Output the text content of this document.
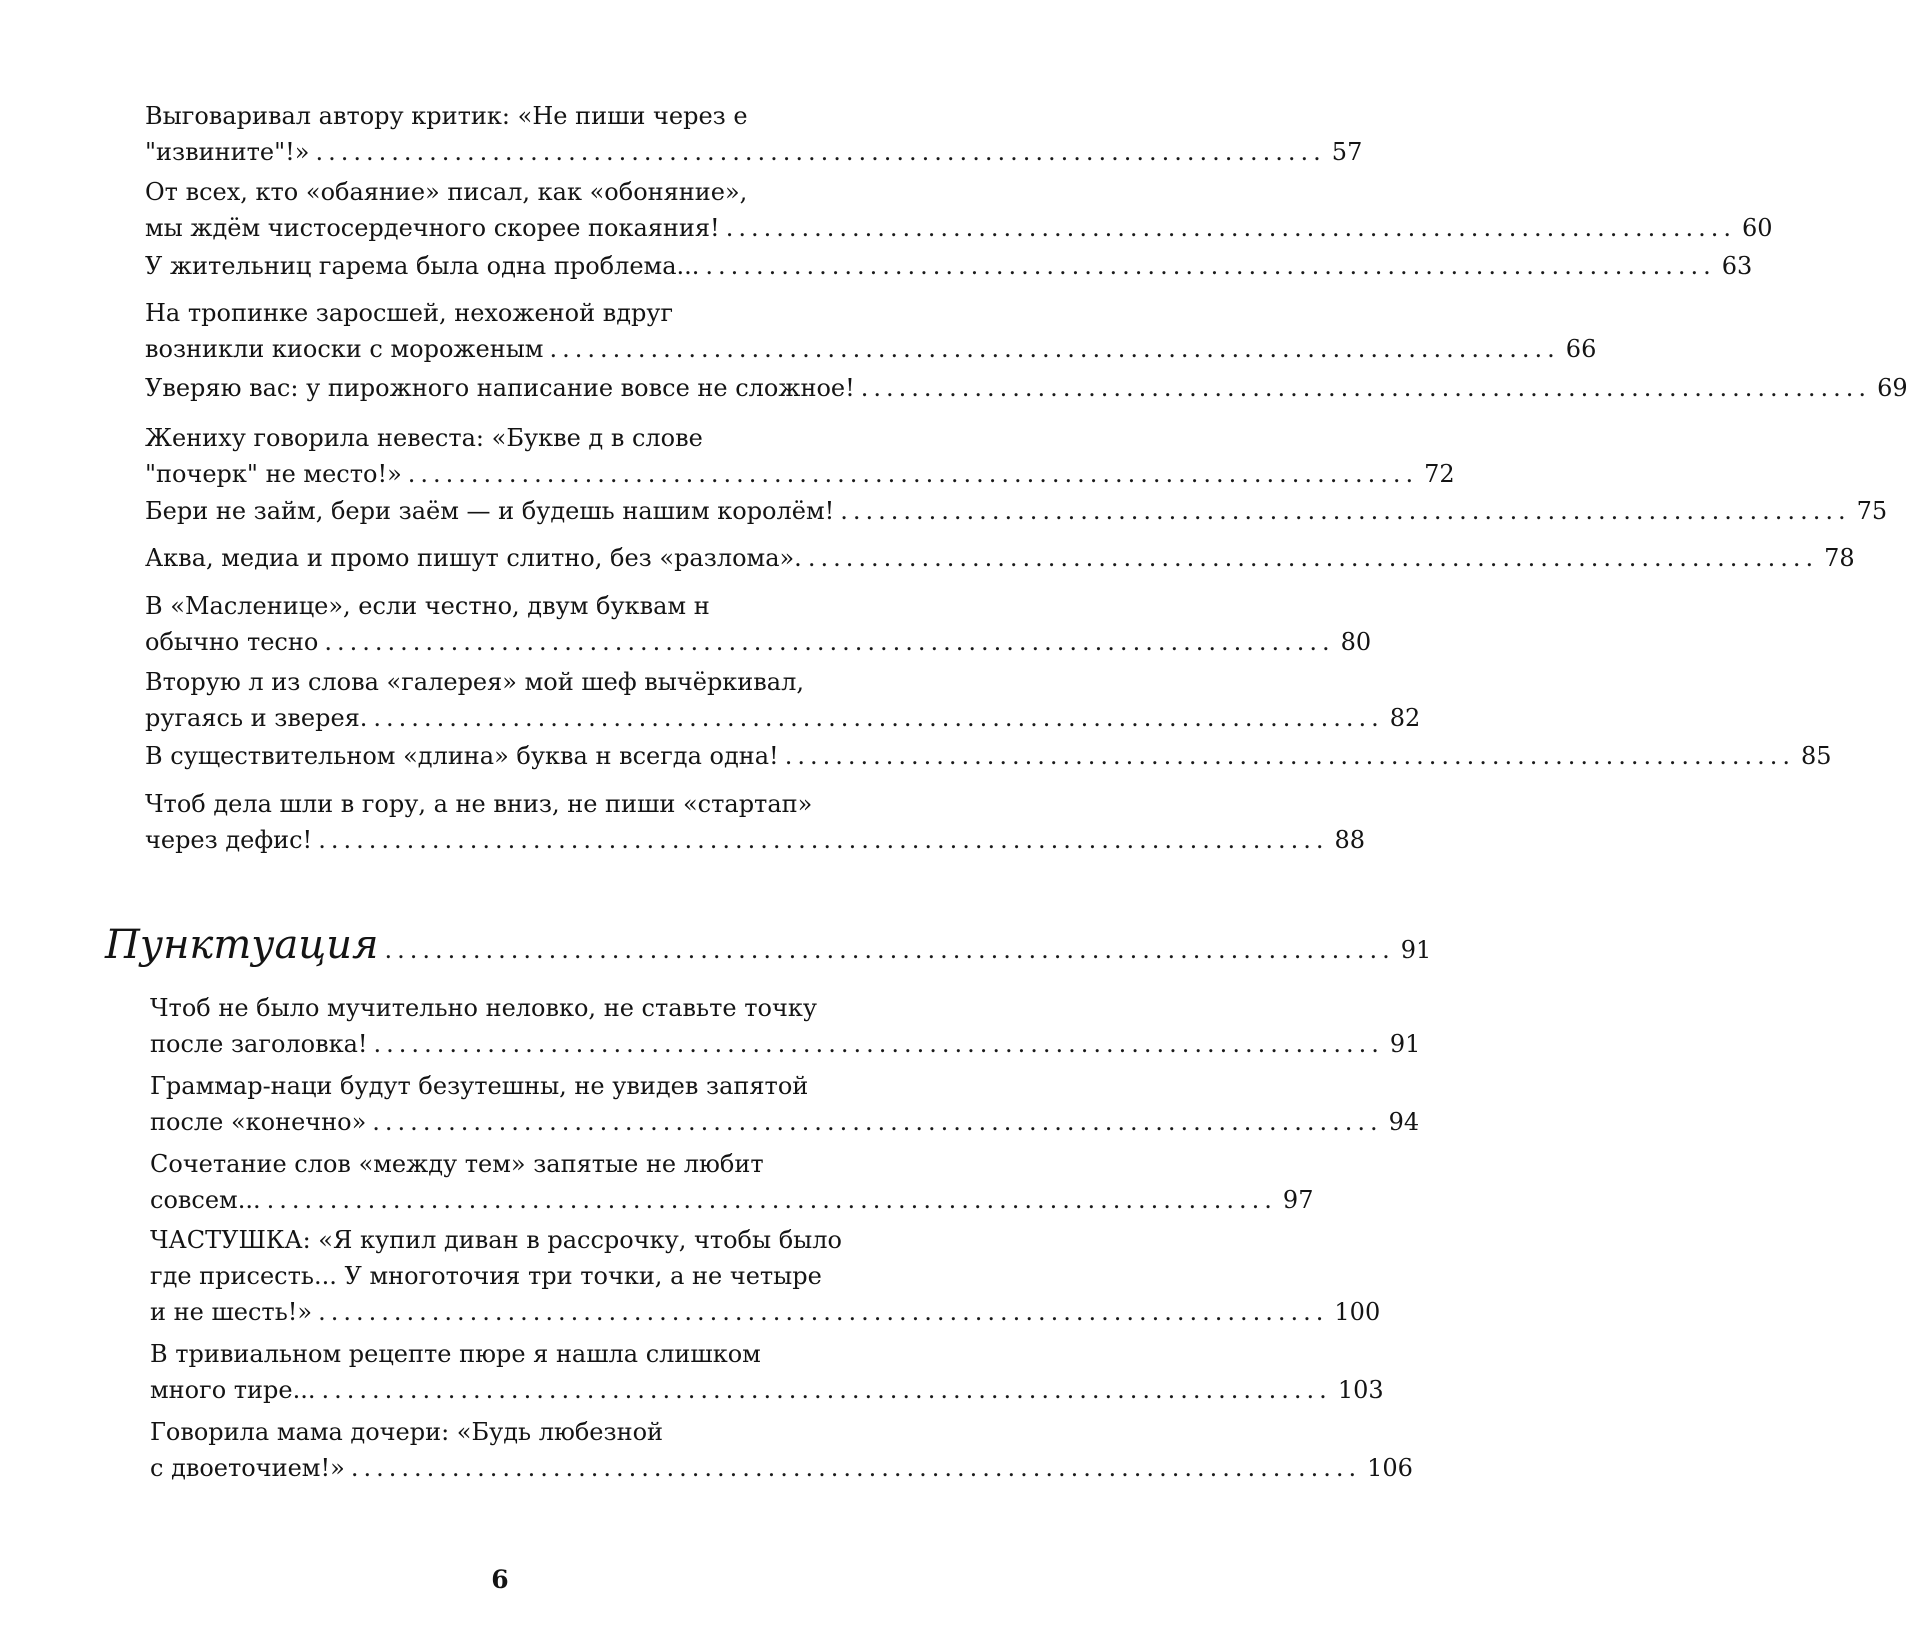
Выговаривал автору критик: «Не пиши через е
"извините"!» ................................................................................ 57
От всех, кто «обаяние» писал, как «обоняние»,
мы ждём чистосердечного скорее покаяния! ................................................................................ 60
У жительниц гарема была одна проблема... ................................................................................ 63
На тропинке заросшей, нехоженой вдруг
возникли киоски с мороженым ................................................................................ 66
Уверяю вас: у пирожного написание вовсе не сложное! ................................................................................ 69
Жениху говорила невеста: «Букве д в слове
"почерк" не место!» ................................................................................ 72
Бери не займ, бери заём — и будешь нашим королём! ................................................................................ 75
Аква, медиа и промо пишут слитно, без «разлома». ................................................................................ 78
В «Масленице», если честно, двум буквам н
обычно тесно ................................................................................ 80
Вторую л из слова «галерея» мой шеф вычёркивал,
ругаясь и зверея. ................................................................................ 82
В существительном «длина» буква н всегда одна! ................................................................................ 85
Чтоб дела шли в гору, а не вниз, не пиши «стартап»
через дефис! ................................................................................ 88
Пунктуация ................................................................................ 91
Чтоб не было мучительно неловко, не ставьте точку
после заголовка! ................................................................................ 91
Граммар-наци будут безутешны, не увидев запятой
после «конечно» ................................................................................ 94
Сочетание слов «между тем» запятые не любит
совсем... ................................................................................ 97
ЧАСТУШКА: «Я купил диван в рассрочку, чтобы было
где присесть... У многоточия три точки, а не четыре
и не шесть!» ................................................................................ 100
В тривиальном рецепте пюре я нашла слишком
много тире... ................................................................................ 103
Говорила мама дочери: «Будь любезной
с двоеточием!» ................................................................................ 106
6
